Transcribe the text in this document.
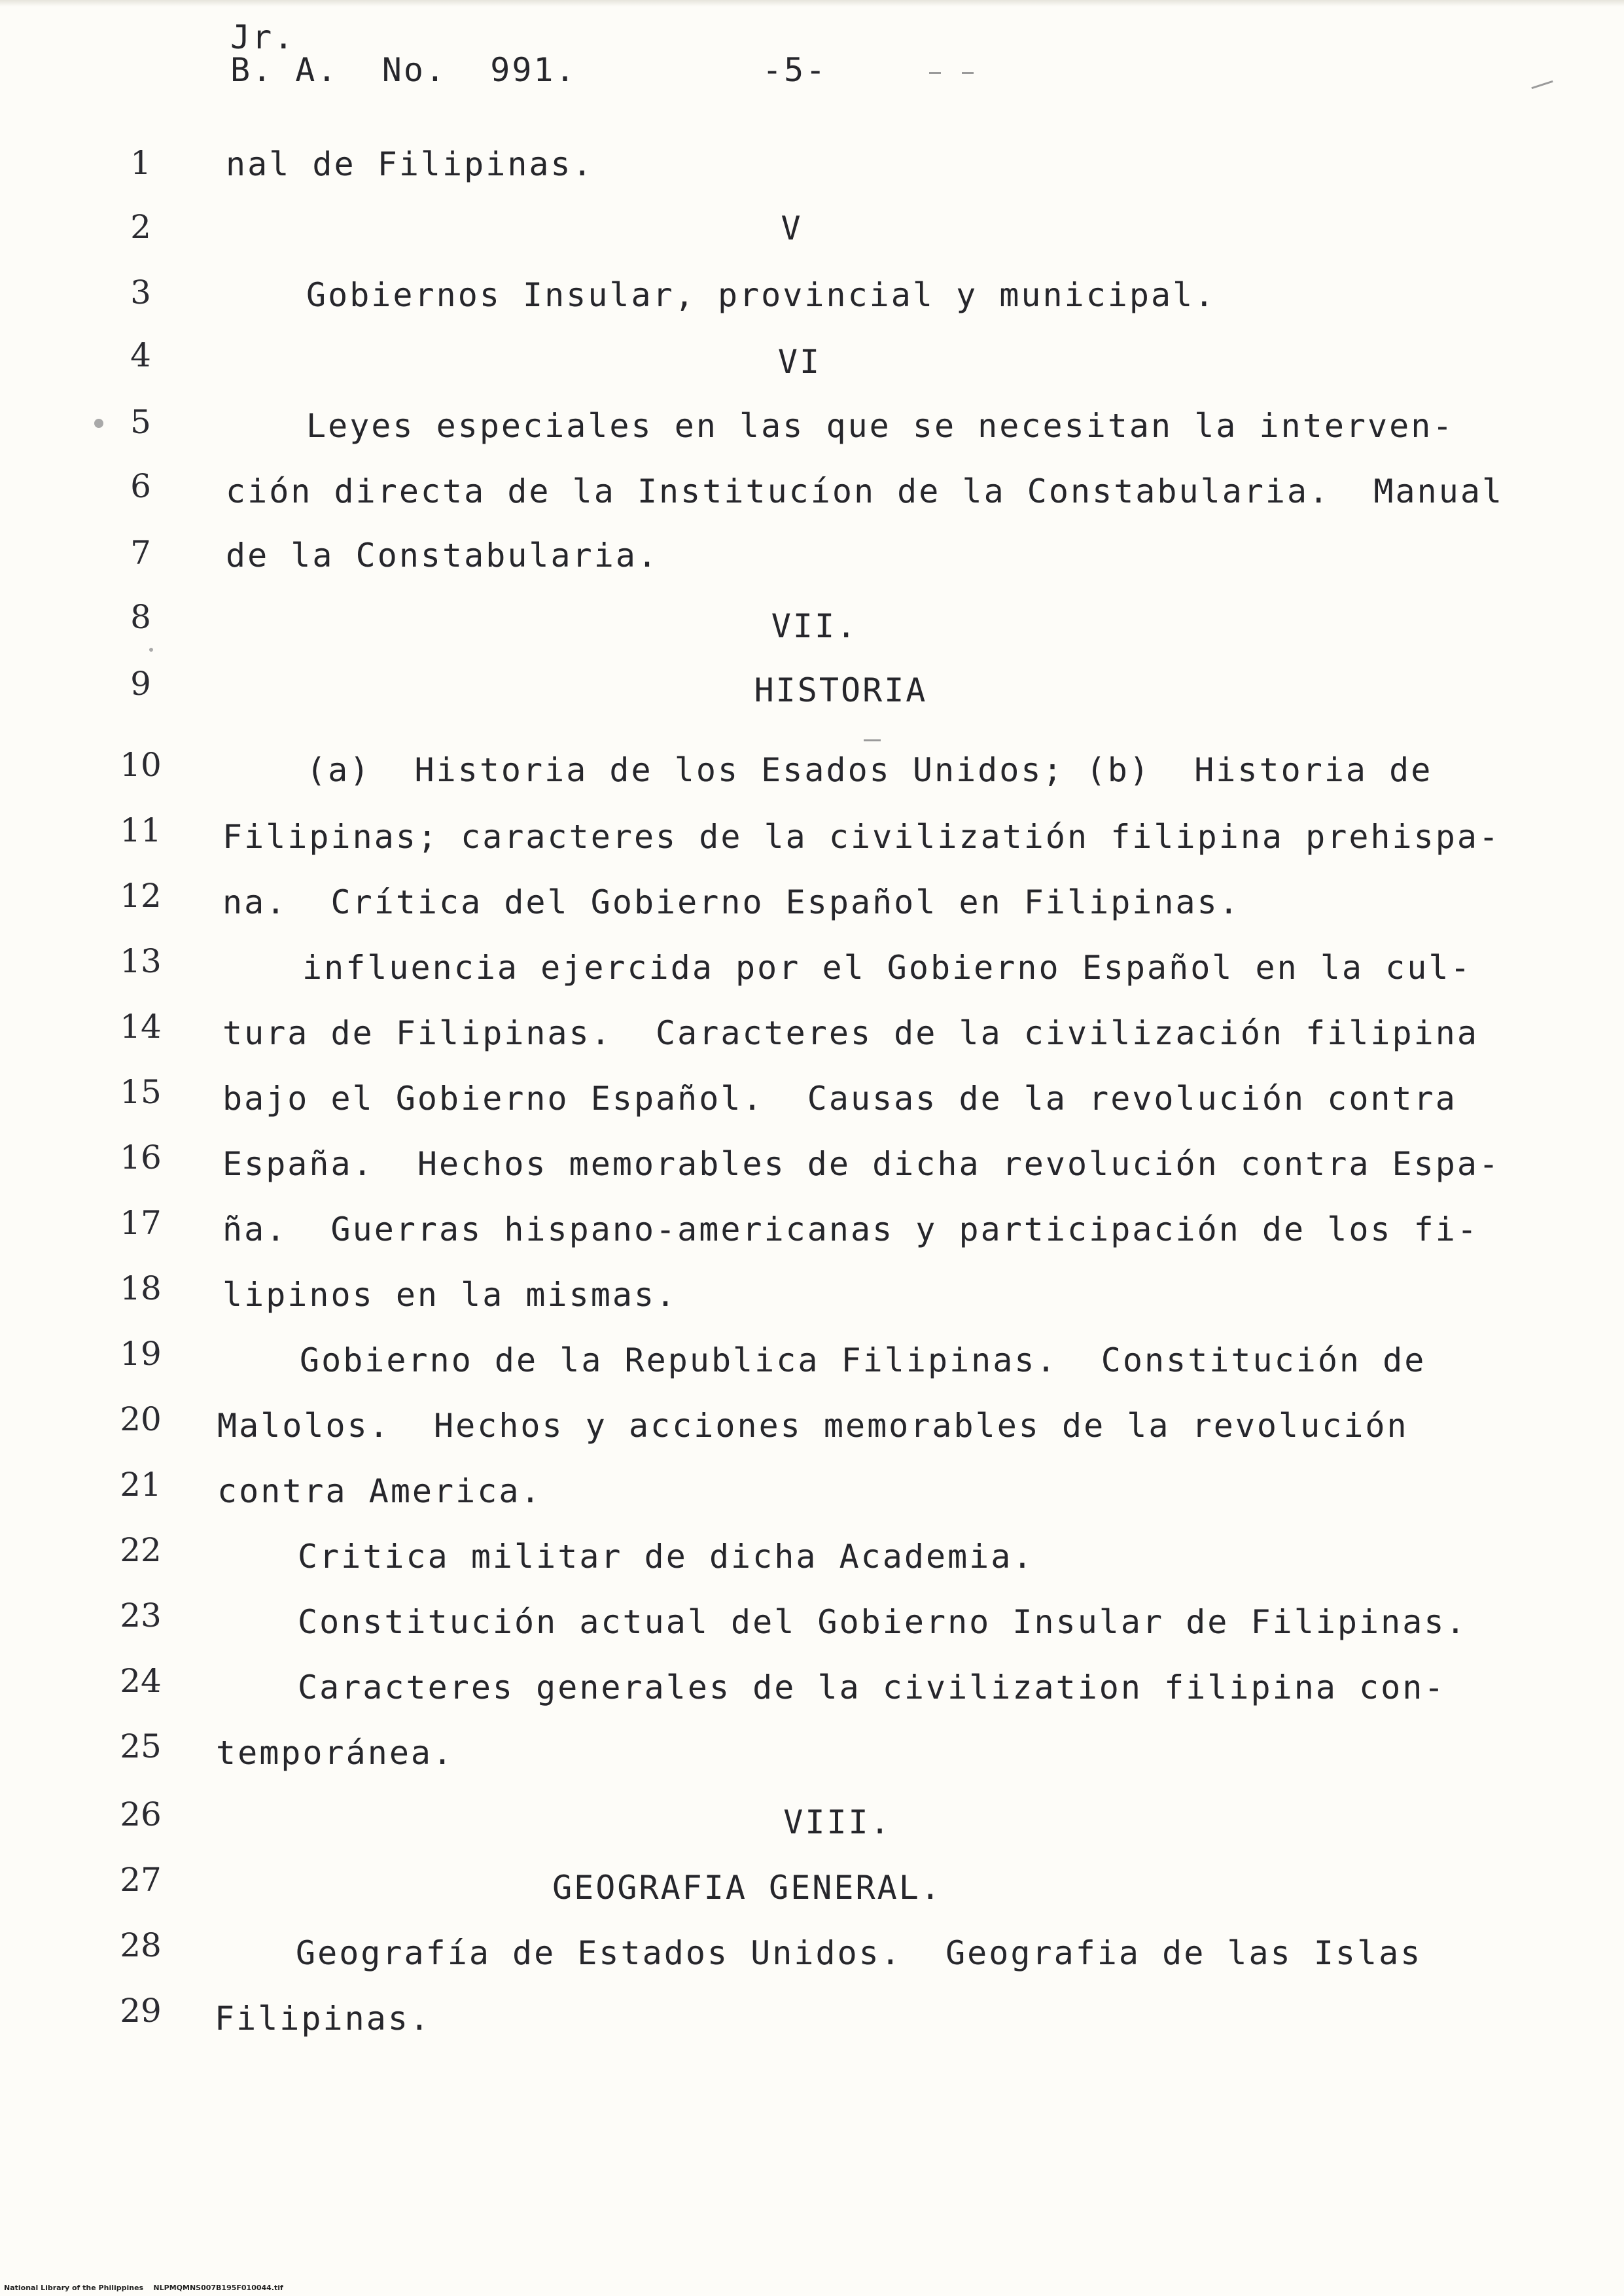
Jr.
B. A.  No.  991.	-5-
1
2
3
4
5
6
7
8
9
10
11
12
13
14
15
16
17
18
19
20
21
22
23
24
25
26
27
28
29
nal de Filipinas.
V
Gobiernos Insular, provincial y municipal.
VI
Leyes especiales en las que se necesitan la interven-
ción directa de la Institucíon de la Constabularia.  Manual
de la Constabularia.
VII.
HISTORIA
(a)  Historia de los Esados Unidos; (b)  Historia de
Filipinas; caracteres de la civilizatión filipina prehispa-
na.  Crítica del Gobierno Español en Filipinas.
influencia ejercida por el Gobierno Español en la cul-
tura de Filipinas.  Caracteres de la civilización filipina
bajo el Gobierno Español.  Causas de la revolución contra
España.  Hechos memorables de dicha revolución contra Espa-
ña.  Guerras hispano-americanas y participación de los fi-
lipinos en la mismas.
Gobierno de la Republica Filipinas.  Constitución de
Malolos.  Hechos y acciones memorables de la revolución
contra America.
Critica militar de dicha Academia.
Constitución actual del Gobierno Insular de Filipinas.
Caracteres generales de la civilization filipina con-
temporánea.
VIII.
GEOGRAFIA GENERAL.
Geografía de Estados Unidos.  Geografia de las Islas
Filipinas.
National Library of the Philippines    NLPMQMNS007B195F010044.tif
